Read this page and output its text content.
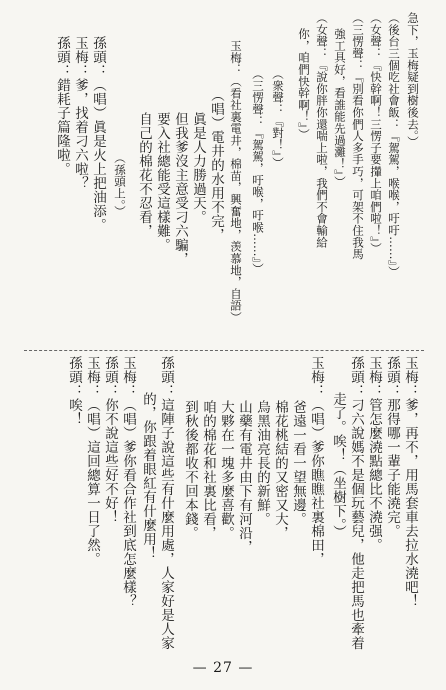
急下，玉梅疑到樹後去。）
（後台三個吃社會飯：『駕駕，喉喉，吁吁……』）
（女聲：『快幹啊！三愣子要攆上咱們啦！』）
（三愣聲：『別看你們人多手巧，可架不住我馬
強工具好，看誰能先過灘！』）
（女聲：『說你胖你還喘上啦，我們不會輸給
你，咱們快幹啊！』）
（衆聲：『對！』）
（三愣聲：『駕駕，吁喉，吁喉……』）
玉梅：（看社裏電井，棉苗，興奮地，羡慕地，自語）
（唱）電井的水用不完，
眞是人力勝過天。
但我爹沒主意受刁六騙，
要入社總能受這樣難。
自己的棉花不忍看，
（孫頭上。）
孫頭：（唱）眞是火上把油添。
玉梅：爹，找着刁六啦？
孫頭：錯耗子篇隆啦。
玉梅：爹，再不，用馬套車去拉水澆吧！
孫頭：那得哪一輩子能澆完。
玉梅：管怎麼澆點總比不澆强。
孫頭：刁六說媽不是個玩藝兒，他走把馬也牽着
走了。唉！（坐樹下。）
玉梅：（唱）爹你瞧瞧社裏棉田，
爸遠一看一望無邊。
棉花桃結的又密又大，
烏黑油亮長的新鮮。
山藥有電井由下有河沿，
大夥在一塊多麼喜歡。
咱的棉花和社裏比看，
到秋後都收不回本錢。
孫頭：這陣子說這些有什麼用處，人家好是人家
的，你跟着眼紅有什麼用！
玉梅：（唱）爹你看合作社到底怎麼樣？
孫頭：你不說這些好不好！
玉梅：（唱）這回總算一日了然。
孫頭：唉！
— 27 —
